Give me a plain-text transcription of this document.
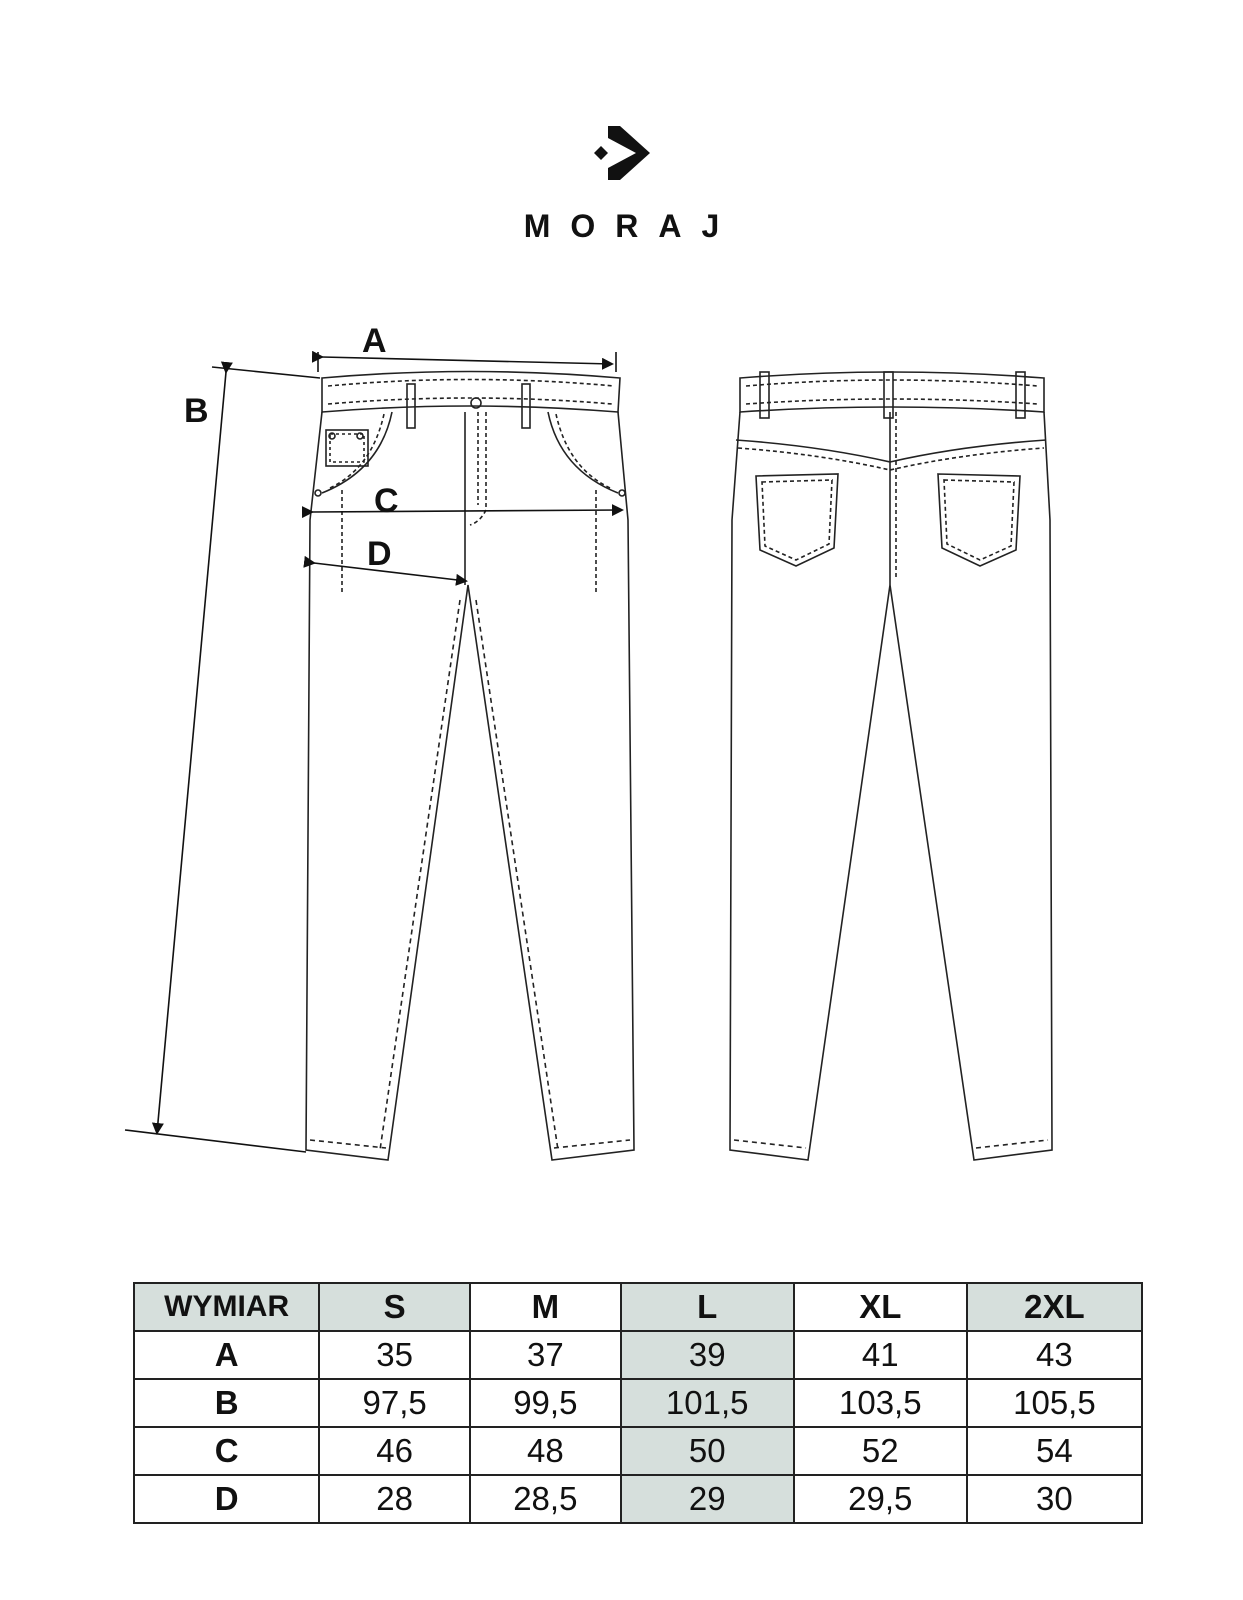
MORAJ
A
B
C
D
WYMIAR	S	M	L	XL	2XL
A	35	37	39	41	43
B	97,5	99,5	101,5	103,5	105,5
C	46	48	50	52	54
D	28	28,5	29	29,5	30
